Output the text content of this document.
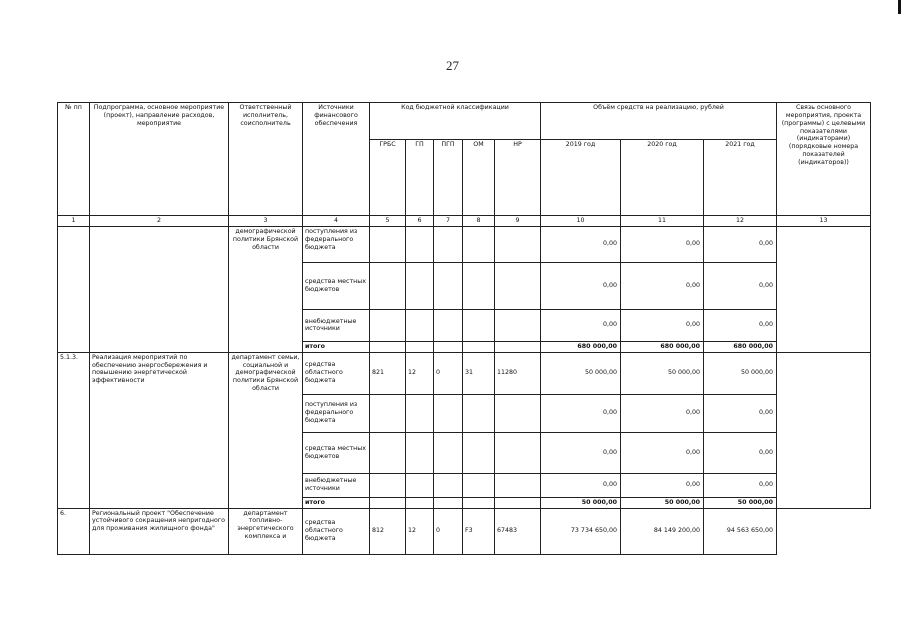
27
№ пп	Подпрограмма, основное мероприятие (проект), направление расходов, мероприятие	Ответственный исполнитель, соисполнитель	Источники финансового обеспечения	Код бюджетной классификации					Объём средств на реализацию, рублей			Связь основного мероприятия, проекта (программы) с целевыми показателями (индикаторами) (порядковые номера показателей (индикаторов))
				ГРБС	ГП	ПГП	ОМ	НР	2019 год	2020 год	2021 год	
1	2	3	4	5	6	7	8	9	10	11	12	13
		демографической политики Брянской области	поступления из федерального бюджета						0,00	0,00	0,00	
			средства местных бюджетов						0,00	0,00	0,00	
			внебюджетные источники						0,00	0,00	0,00	
			итого						680 000,00	680 000,00	680 000,00	
5.1.3.	Реализация мероприятий по обеспечению энергосбережения и повышению энергетической эффективности	департамент семьи, социальной и демографической политики Брянской области	средства областного бюджета	821	12	0	31	11280	50 000,00	50 000,00	50 000,00	
			поступления из федерального бюджета						0,00	0,00	0,00	
			средства местных бюджетов						0,00	0,00	0,00	
			внебюджетные источники						0,00	0,00	0,00	
			итого						50 000,00	50 000,00	50 000,00	
6.	Региональный проект "Обеспечение устойчивого сокращения непригодного для проживания жилищного фонда"	департамент топливно-энергетического комплекса и	средства областного бюджета	812	12	0	F3	67483	73 734 650,00	84 149 200,00	94 563 650,00	
